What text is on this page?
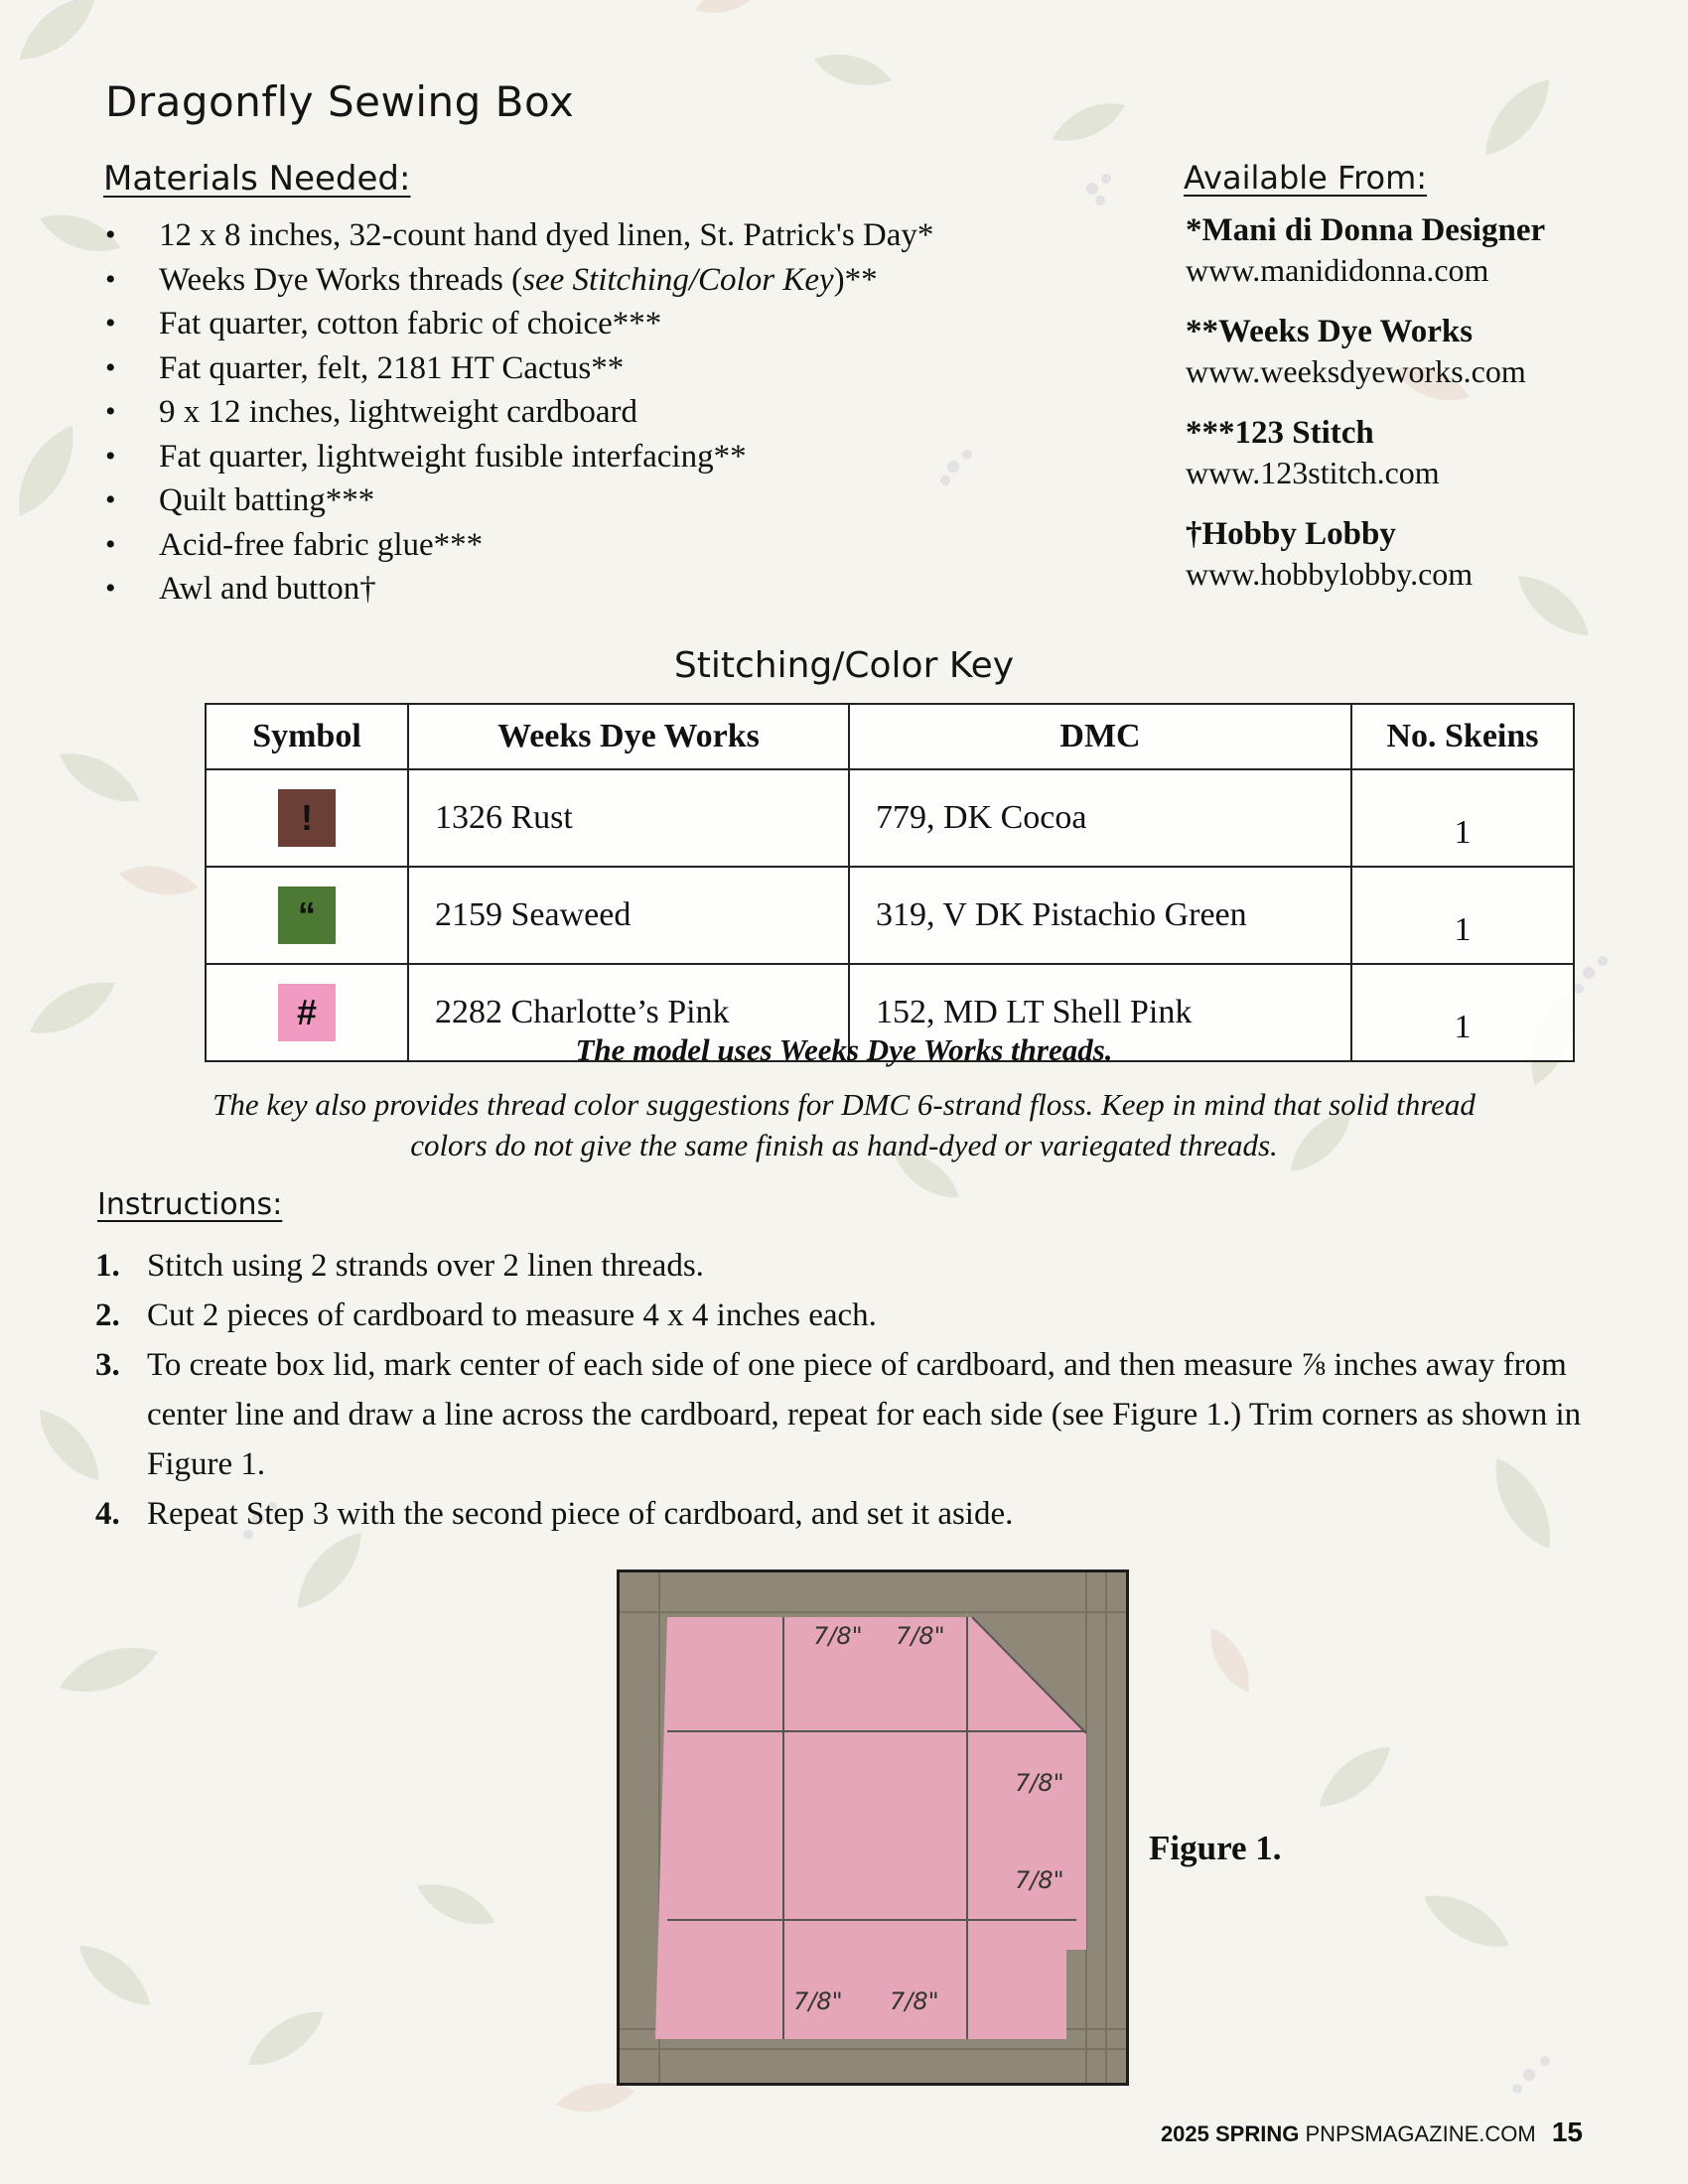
Dragonfly Sewing Box
Materials Needed:
• 12 x 8 inches, 32-count hand dyed linen, St. Patrick's Day*
• Weeks Dye Works threads (see Stitching/Color Key)**
• Fat quarter, cotton fabric of choice***
• Fat quarter, felt, 2181 HT Cactus**
• 9 x 12 inches, lightweight cardboard
• Fat quarter, lightweight fusible interfacing**
• Quilt batting***
• Acid-free fabric glue***
• Awl and button†
Available From:
*Mani di Donna Designer
www.manididonna.com
**Weeks Dye Works
www.weeksdyeworks.com
***123 Stitch
www.123stitch.com
†Hobby Lobby
www.hobbylobby.com
Stitching/Color Key
Symbol	Weeks Dye Works	DMC	No. Skeins
!	1326 Rust	779, DK Cocoa	1
“	2159 Seaweed	319, V DK Pistachio Green	1
#	2282 Charlotte’s Pink	152, MD LT Shell Pink	1
The model uses Weeks Dye Works threads.
The key also provides thread color suggestions for DMC 6-strand floss. Keep in mind that solid thread colors do not give the same finish as hand-dyed or variegated threads.
Instructions:
1. Stitch using 2 strands over 2 linen threads.
2. Cut 2 pieces of cardboard to measure 4 x 4 inches each.
3. To create box lid, mark center of each side of one piece of cardboard, and then measure ⅞ inches away from center line and draw a line across the cardboard, repeat for each side (see Figure 1.) Trim corners as shown in Figure 1.
4. Repeat Step 3 with the second piece of cardboard, and set it aside.
7/8" 7/8"
7/8"
7/8"
7/8" 7/8"
Figure 1.
2025 SPRING PNPSMAGAZINE.COM 15
